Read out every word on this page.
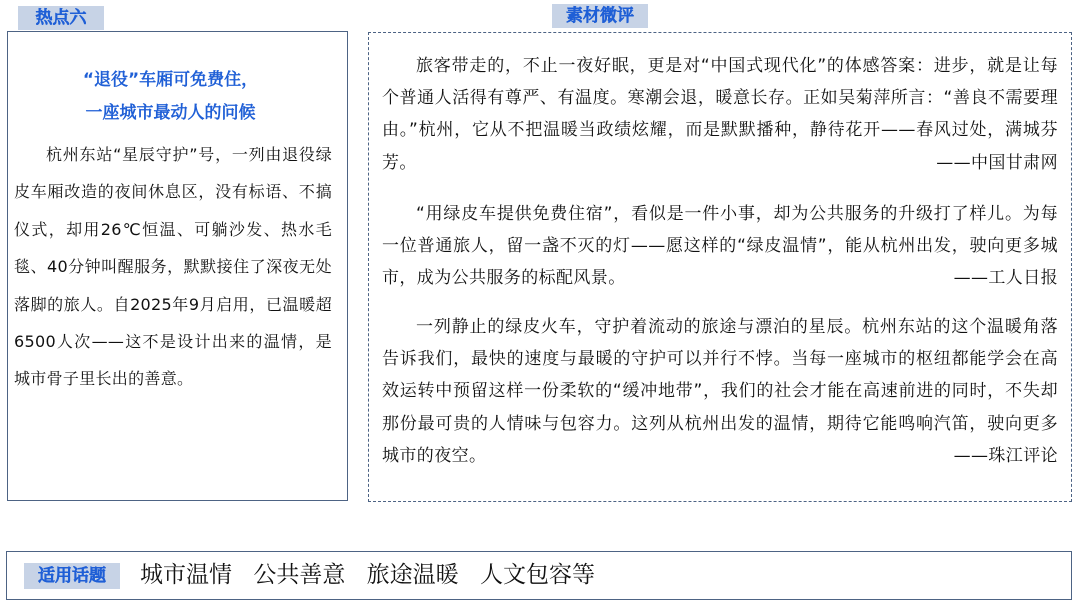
热点六	素材微评
“退役”车厢可免费住，
一座城市最动人的问候
杭州东站“星辰守护”号，一列由退役绿皮车厢改造的夜间休息区，没有标语、不搞仪式，却用26℃恒温、可躺沙发、热水毛毯、40分钟叫醒服务，默默接住了深夜无处落脚的旅人。自2025年9月启用，已温暖超6500人次——这不是设计出来的温情，是城市骨子里长出的善意。
旅客带走的，不止一夜好眠，更是对“中国式现代化”的体感答案：进步，就是让每个普通人活得有尊严、有温度。寒潮会退，暖意长存。正如吴菊萍所言：“善良不需要理由。”杭州，它从不把温暖当政绩炫耀，而是默默播种，静待花开——春风过处，满城芬芳。	——中国甘肃网
“用绿皮车提供免费住宿”，看似是一件小事，却为公共服务的升级打了样儿。为每一位普通旅人，留一盏不灭的灯——愿这样的“绿皮温情”，能从杭州出发，驶向更多城市，成为公共服务的标配风景。	——工人日报
一列静止的绿皮火车，守护着流动的旅途与漂泊的星辰。杭州东站的这个温暖角落告诉我们，最快的速度与最暖的守护可以并行不悖。当每一座城市的枢纽都能学会在高效运转中预留这样一份柔软的“缓冲地带”，我们的社会才能在高速前进的同时，不失却那份最可贵的人情味与包容力。这列从杭州出发的温情，期待它能鸣响汽笛，驶向更多城市的夜空。	——珠江评论
适用话题	城市温情 公共善意 旅途温暖 人文包容等
